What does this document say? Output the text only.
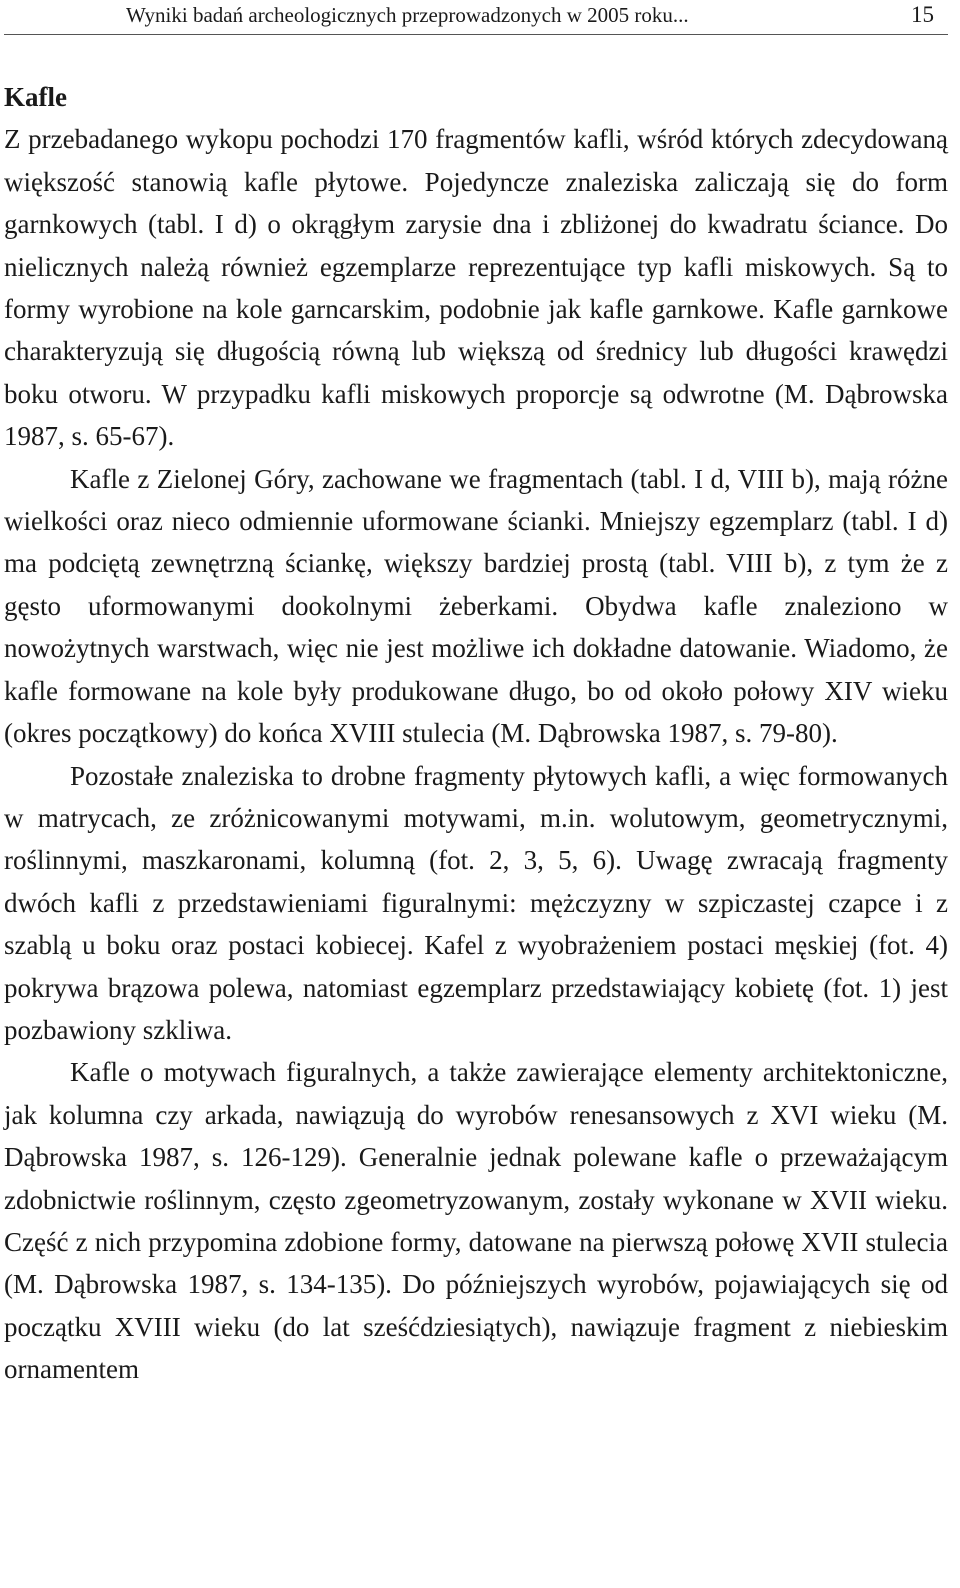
Wyniki badań archeologicznych przeprowadzonych w 2005 roku...	15
Kafle

Z przebadanego wykopu pochodzi 170 fragmentów kafli, wśród których zdecydowaną większość stanowią kafle płytowe. Pojedyncze znaleziska zaliczają się do form garnkowych (tabl. I d) o okrągłym zarysie dna i zbliżonej do kwadratu ściance. Do nielicznych należą również egzemplarze reprezentujące typ kafli miskowych. Są to formy wyrobione na kole garncarskim, podobnie jak kafle garnkowe. Kafle garnkowe charakteryzują się długością równą lub większą od średnicy lub długości krawędzi boku otworu. W przypadku kafli miskowych proporcje są odwrotne (M. Dąbrowska 1987, s. 65-67).

Kafle z Zielonej Góry, zachowane we fragmentach (tabl. I d, VIII b), mają różne wielkości oraz nieco odmiennie uformowane ścianki. Mniejszy egzemplarz (tabl. I d) ma podciętą zewnętrzną ściankę, większy bardziej prostą (tabl. VIII b), z tym że z gęsto uformowanymi dookolnymi żeberkami. Obydwa kafle znaleziono w nowożytnych warstwach, więc nie jest możliwe ich dokładne datowanie. Wiadomo, że kafle formowane na kole były produkowane długo, bo od około połowy XIV wieku (okres początkowy) do końca XVIII stulecia (M. Dąbrowska 1987, s. 79-80).

Pozostałe znaleziska to drobne fragmenty płytowych kafli, a więc formowanych w matrycach, ze zróżnicowanymi motywami, m.in. wolutowym, geometrycznymi, roślinnymi, maszkaronami, kolumną (fot. 2, 3, 5, 6). Uwagę zwracają fragmenty dwóch kafli z przedstawieniami figuralnymi: mężczyzny w szpiczastej czapce i z szablą u boku oraz postaci kobiecej. Kafel z wyobrażeniem postaci męskiej (fot. 4) pokrywa brązowa polewa, natomiast egzemplarz przedstawiający kobietę (fot. 1) jest pozbawiony szkliwa.

Kafle o motywach figuralnych, a także zawierające elementy architektoniczne, jak kolumna czy arkada, nawiązują do wyrobów renesansowych z XVI wieku (M. Dąbrowska 1987, s. 126-129). Generalnie jednak polewane kafle o przeważającym zdobnictwie roślinnym, często zgeometryzowanym, zostały wykonane w XVII wieku. Część z nich przypomina zdobione formy, datowane na pierwszą połowę XVII stulecia (M. Dąbrowska 1987, s. 134-135). Do późniejszych wyrobów, pojawiających się od początku XVIII wieku (do lat sześćdziesiątych), nawiązuje fragment z niebieskim ornamentem
